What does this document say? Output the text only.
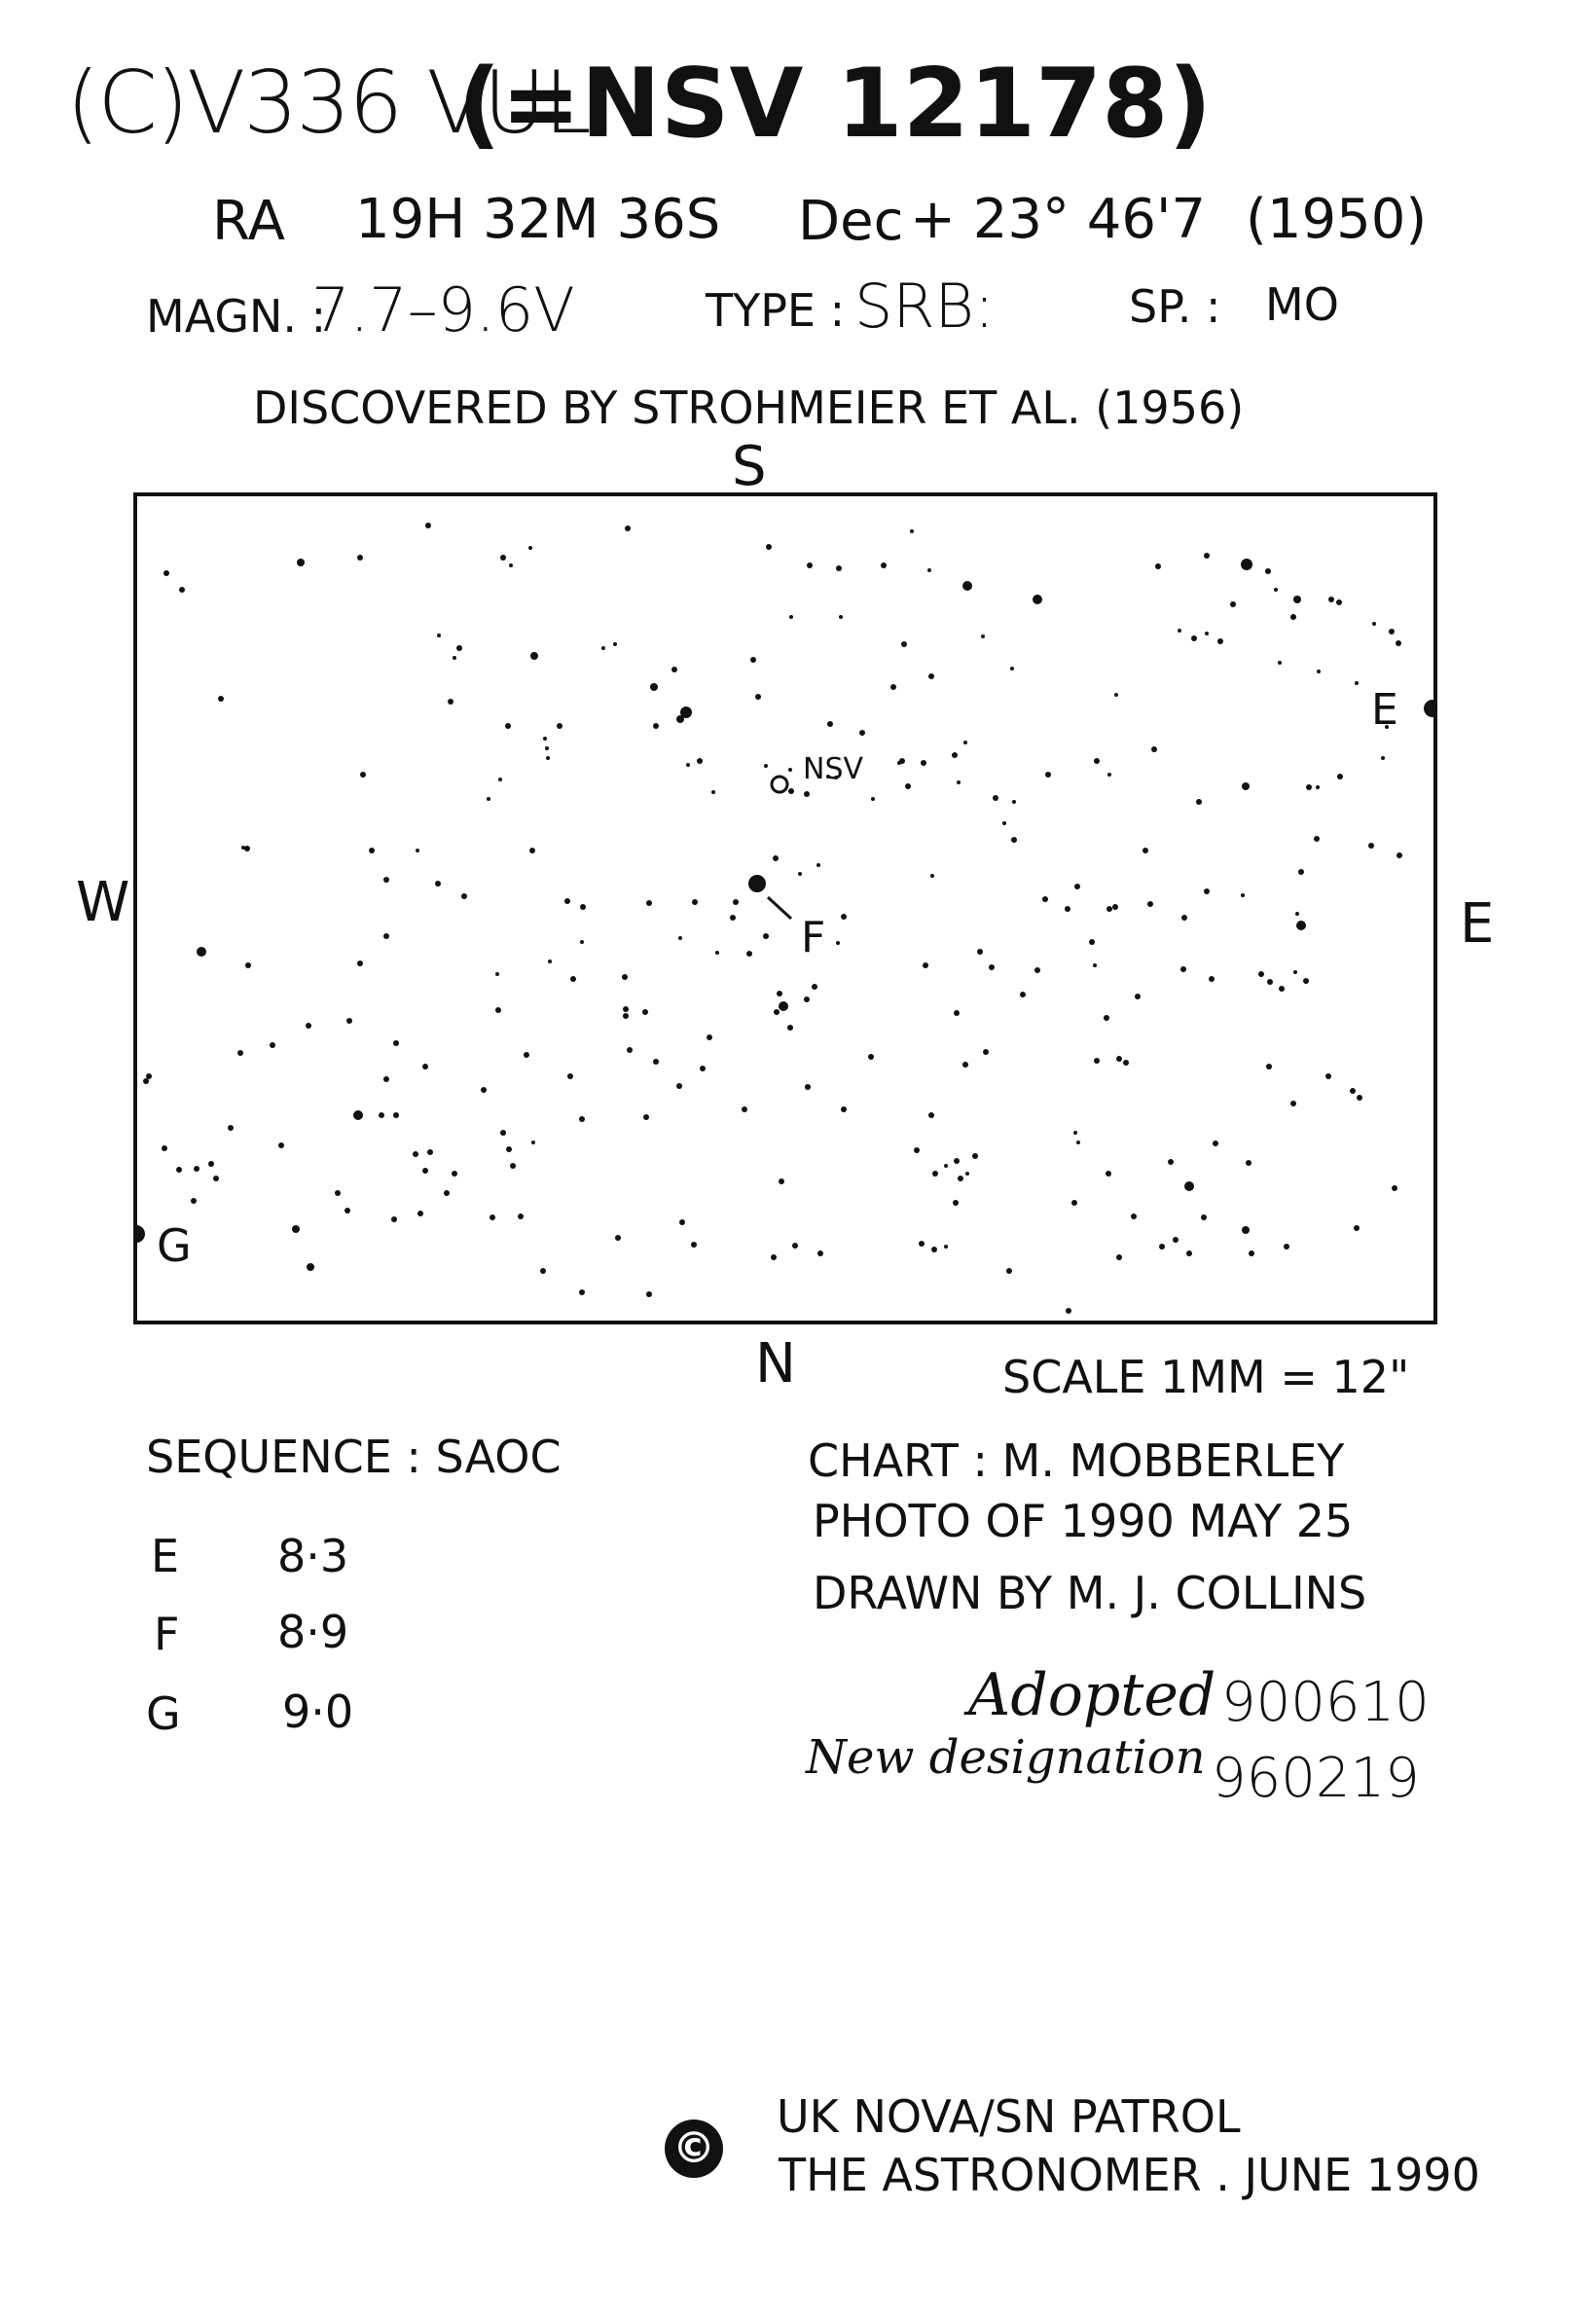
(C)V336 VUL
(=NSV 12178)
RA 19H 32M 36S Dec + 23° 46'7 (1950)
MAGN. :
7.7–9.6V	TYPE : SRB:	SP. : MO
DISCOVERED BY STROHMEIER ET AL. (1956)
S
N
W	E
NSV
E
F
G
SCALE 1MM = 12"
SEQUENCE : SAOC
E 8·3
F 8·9
G 9·0
CHART : M. MOBBERLEY
PHOTO OF 1990 MAY 25
DRAWN BY M. J. COLLINS
Adopted 900610
New designation 960219
©
UK NOVA/SN PATROL
THE ASTRONOMER . JUNE 1990
